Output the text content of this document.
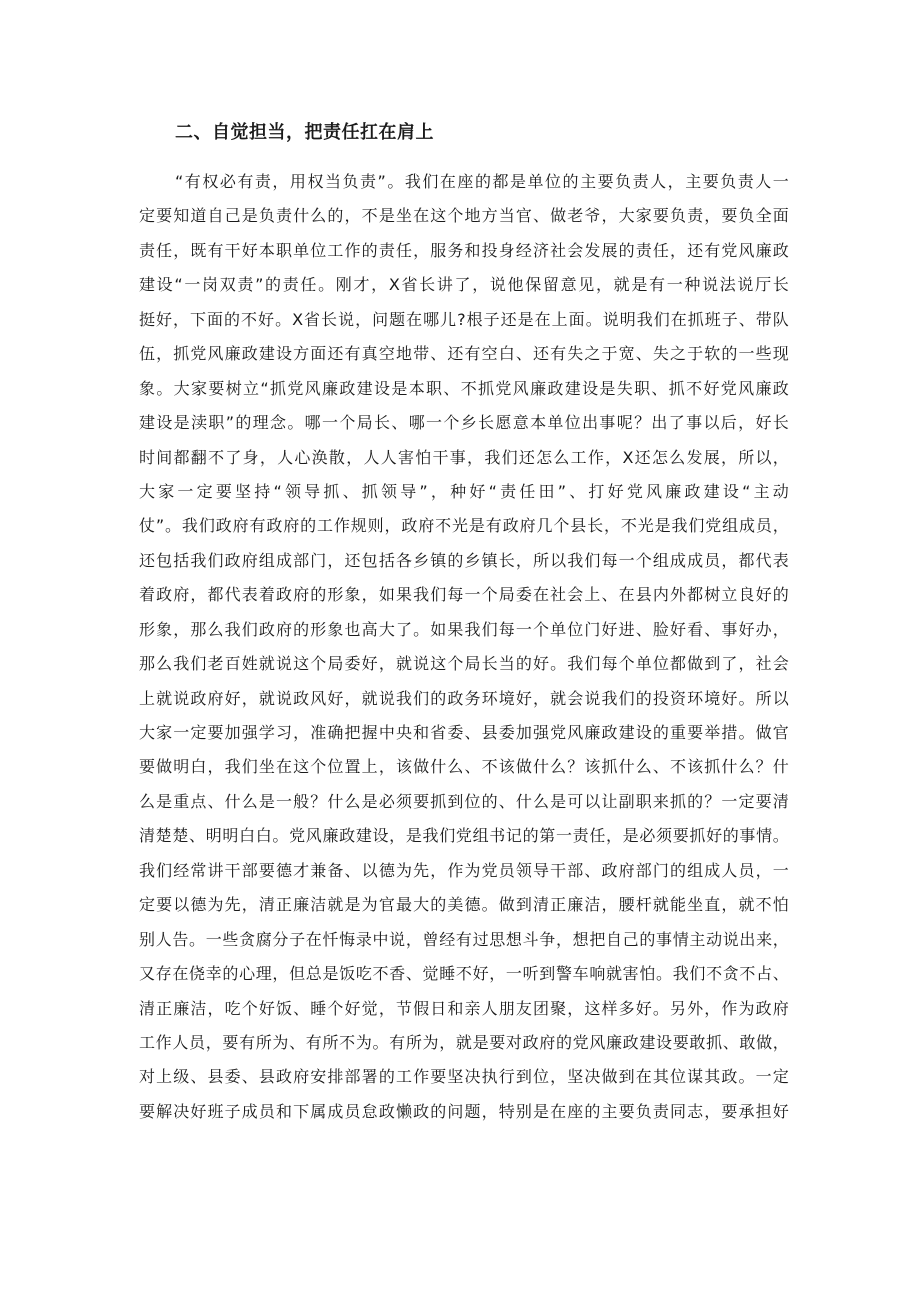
二、自觉担当，把责任扛在肩上
“有权必有责，用权当负责”。我们在座的都是单位的主要负责人，主要负责人一
定要知道自己是负责什么的，不是坐在这个地方当官、做老爷，大家要负责，要负全面
责任，既有干好本职单位工作的责任，服务和投身经济社会发展的责任，还有党风廉政
建设“一岗双责”的责任。刚才，X省长讲了，说他保留意见，就是有一种说法说厅长
挺好，下面的不好。X省长说，问题在哪儿?根子还是在上面。说明我们在抓班子、带队
伍，抓党风廉政建设方面还有真空地带、还有空白、还有失之于宽、失之于软的一些现
象。大家要树立“抓党风廉政建设是本职、不抓党风廉政建设是失职、抓不好党风廉政
建设是渎职”的理念。哪一个局长、哪一个乡长愿意本单位出事呢？出了事以后，好长
时间都翻不了身，人心涣散，人人害怕干事，我们还怎么工作，X还怎么发展，所以，
大家一定要坚持“领导抓、抓领导”，种好“责任田”、打好党风廉政建设“主动
仗”。我们政府有政府的工作规则，政府不光是有政府几个县长，不光是我们党组成员，
还包括我们政府组成部门，还包括各乡镇的乡镇长，所以我们每一个组成成员，都代表
着政府，都代表着政府的形象，如果我们每一个局委在社会上、在县内外都树立良好的
形象，那么我们政府的形象也高大了。如果我们每一个单位门好进、脸好看、事好办，
那么我们老百姓就说这个局委好，就说这个局长当的好。我们每个单位都做到了，社会
上就说政府好，就说政风好，就说我们的政务环境好，就会说我们的投资环境好。所以
大家一定要加强学习，准确把握中央和省委、县委加强党风廉政建设的重要举措。做官
要做明白，我们坐在这个位置上，该做什么、不该做什么？该抓什么、不该抓什么？什
么是重点、什么是一般？什么是必须要抓到位的、什么是可以让副职来抓的？一定要清
清楚楚、明明白白。党风廉政建设，是我们党组书记的第一责任，是必须要抓好的事情。
我们经常讲干部要德才兼备、以德为先，作为党员领导干部、政府部门的组成人员，一
定要以德为先，清正廉洁就是为官最大的美德。做到清正廉洁，腰杆就能坐直，就不怕
别人告。一些贪腐分子在忏悔录中说，曾经有过思想斗争，想把自己的事情主动说出来，
又存在侥幸的心理，但总是饭吃不香、觉睡不好，一听到警车响就害怕。我们不贪不占、
清正廉洁，吃个好饭、睡个好觉，节假日和亲人朋友团聚，这样多好。另外，作为政府
工作人员，要有所为、有所不为。有所为，就是要对政府的党风廉政建设要敢抓、敢做，
对上级、县委、县政府安排部署的工作要坚决执行到位，坚决做到在其位谋其政。一定
要解决好班子成员和下属成员怠政懒政的问题，特别是在座的主要负责同志，要承担好
